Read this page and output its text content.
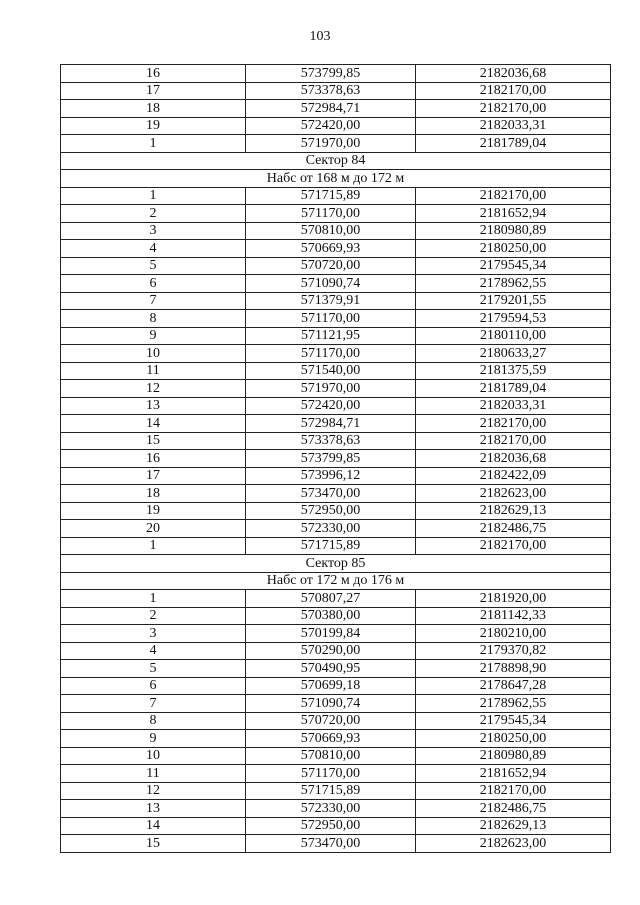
103
16	573799,85	2182036,68
17	573378,63	2182170,00
18	572984,71	2182170,00
19	572420,00	2182033,31
1	571970,00	2181789,04
Сектор 84		
Набс от 168 м до 172 м		
1	571715,89	2182170,00
2	571170,00	2181652,94
3	570810,00	2180980,89
4	570669,93	2180250,00
5	570720,00	2179545,34
6	571090,74	2178962,55
7	571379,91	2179201,55
8	571170,00	2179594,53
9	571121,95	2180110,00
10	571170,00	2180633,27
11	571540,00	2181375,59
12	571970,00	2181789,04
13	572420,00	2182033,31
14	572984,71	2182170,00
15	573378,63	2182170,00
16	573799,85	2182036,68
17	573996,12	2182422,09
18	573470,00	2182623,00
19	572950,00	2182629,13
20	572330,00	2182486,75
1	571715,89	2182170,00
Сектор 85		
Набс от 172 м до 176 м		
1	570807,27	2181920,00
2	570380,00	2181142,33
3	570199,84	2180210,00
4	570290,00	2179370,82
5	570490,95	2178898,90
6	570699,18	2178647,28
7	571090,74	2178962,55
8	570720,00	2179545,34
9	570669,93	2180250,00
10	570810,00	2180980,89
11	571170,00	2181652,94
12	571715,89	2182170,00
13	572330,00	2182486,75
14	572950,00	2182629,13
15	573470,00	2182623,00
